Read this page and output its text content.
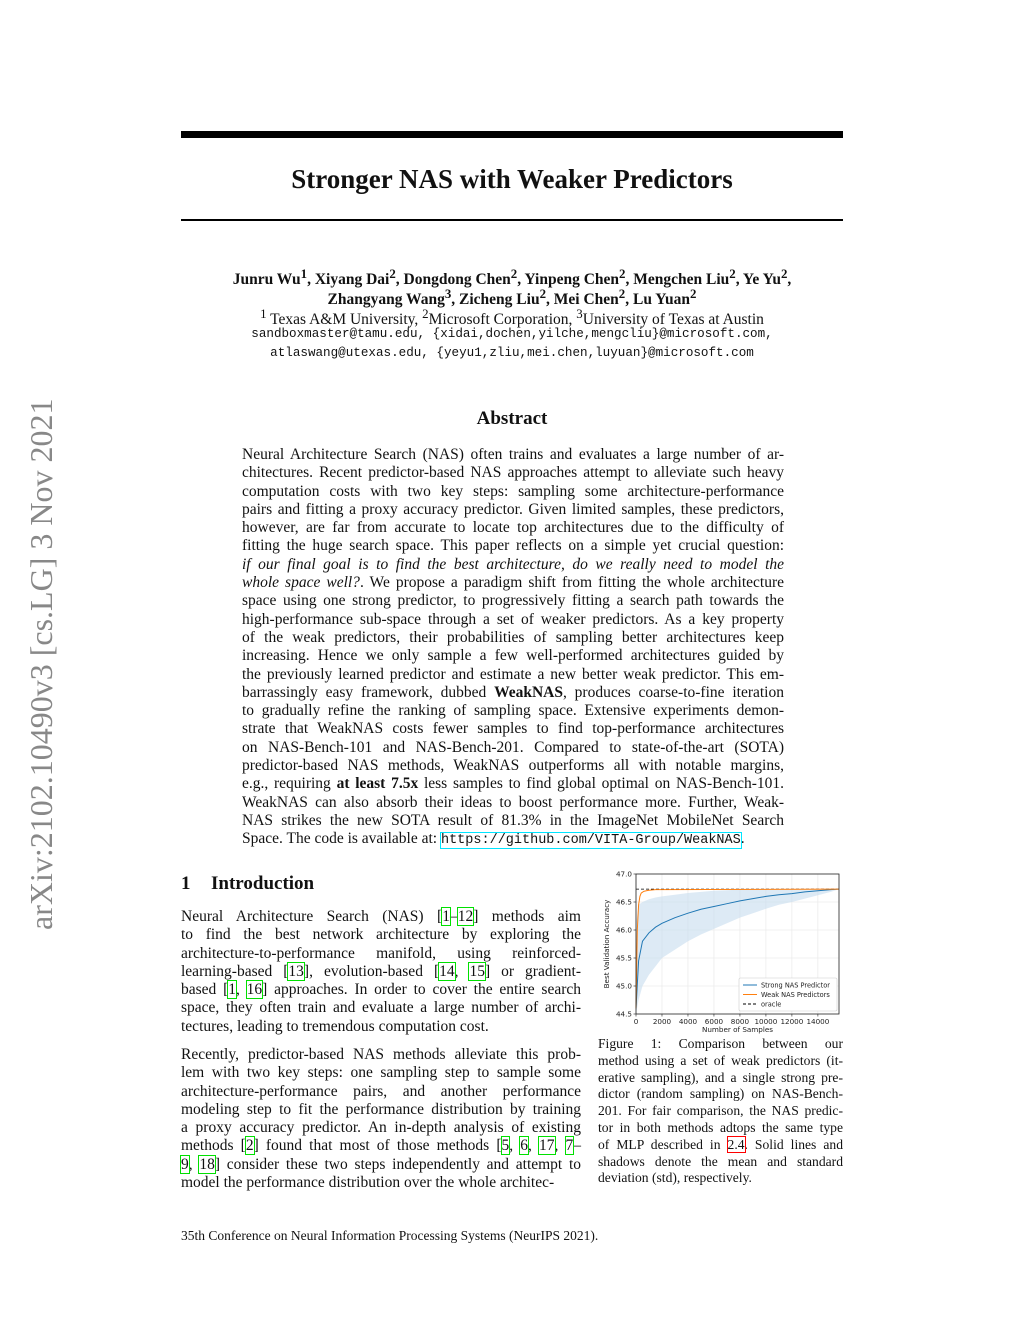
Stronger NAS with Weaker Predictors
arXiv:2102.10490v3 [cs.LG] 3 Nov 2021
Junru Wu$^1$, Xiyang Dai$^2$, Dongdong Chen$^2$, Yinpeng Chen$^2$, Mengchen Liu$^2$, Ye Yu$^2$,
Zhangyang Wang$^3$, Zicheng Liu$^2$, Mei Chen$^2$, Lu Yuan$^2$
$^1$ Texas A&M University, $^2$Microsoft Corporation, $^3$University of Texas at Austin
sandboxmaster@tamu.edu, {xidai,dochen,yilche,mengcliu}@microsoft.com,
atlaswang@utexas.edu, {yeyu1,zliu,mei.chen,luyuan}@microsoft.com
Abstract
Neural Architecture Search (NAS) often trains and evaluates a large number of ar-
chitectures. Recent predictor-based NAS approaches attempt to alleviate such heavy
computation costs with two key steps: sampling some architecture-performance
pairs and fitting a proxy accuracy predictor. Given limited samples, these predictors,
however, are far from accurate to locate top architectures due to the difficulty of
fitting the huge search space. This paper reflects on a simple yet crucial question:
if our final goal is to find the best architecture, do we really need to model the
whole space well?. We propose a paradigm shift from fitting the whole architecture
space using one strong predictor, to progressively fitting a search path towards the
high-performance sub-space through a set of weaker predictors. As a key property
of the weak predictors, their probabilities of sampling better architectures keep
increasing. Hence we only sample a few well-performed architectures guided by
the previously learned predictor and estimate a new better weak predictor. This em-
barrassingly easy framework, dubbed WeakNAS, produces coarse-to-fine iteration
to gradually refine the ranking of sampling space. Extensive experiments demon-
strate that WeakNAS costs fewer samples to find top-performance architectures
on NAS-Bench-101 and NAS-Bench-201. Compared to state-of-the-art (SOTA)
predictor-based NAS methods, WeakNAS outperforms all with notable margins,
e.g., requiring at least 7.5x less samples to find global optimal on NAS-Bench-101.
WeakNAS can also absorb their ideas to boost performance more. Further, Weak-
NAS strikes the new SOTA result of 81.3% in the ImageNet MobileNet Search
Space. The code is available at: https://github.com/VITA-Group/WeakNAS.
1 Introduction
Neural Architecture Search (NAS) [1–12] methods aim
to find the best network architecture by exploring the
architecture-to-performance manifold, using reinforced-
learning-based [13], evolution-based [14, 15] or gradient-
based [1, 16] approaches. In order to cover the entire search
space, they often train and evaluate a large number of archi-
tectures, leading to tremendous computation cost.
Recently, predictor-based NAS methods alleviate this prob-
lem with two key steps: one sampling step to sample some
architecture-performance pairs, and another performance
modeling step to fit the performance distribution by training
a proxy accuracy predictor. An in-depth analysis of existing
methods [2] found that most of those methods [5, 6, 17, 7–
9, 18] consider these two steps independently and attempt to
model the performance distribution over the whole architec-
0 2000 4000 6000 8000 10000 12000 14000
44.5
45.0
45.5
46.0
46.5
47.0
Number of Samples
Best Validation Accuracy	Strong NAS Predictor
Weak NAS Predictors
oracle
Figure 1: Comparison between our
method using a set of weak predictors (it-
erative sampling), and a single strong pre-
dictor (random sampling) on NAS-Bench-
201. For fair comparison, the NAS predic-
tor in both methods adtops the same type
of MLP described in 2.4. Solid lines and
shadows denote the mean and standard
deviation (std), respectively.
35th Conference on Neural Information Processing Systems (NeurIPS 2021).
